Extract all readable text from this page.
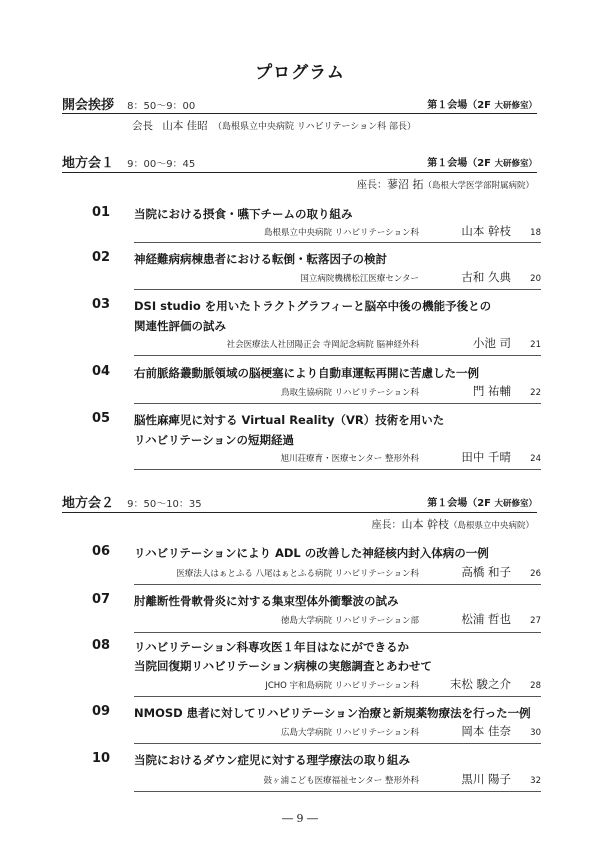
プログラム
開会挨拶 8：50〜9：00	第１会場（2F 大研修室）
会長 山本 佳昭 （島根県立中央病院 リハビリテーション科 部長）
地方会１ 9：00〜9：45	第１会場（2F 大研修室）
座長：蓼沼 拓（島根大学医学部附属病院）
01 当院における摂食・嚥下チームの取り組み
島根県立中央病院 リハビリテーション科	山本 幹枝 18
02 神経難病病棟患者における転倒・転落因子の検討
国立病院機構松江医療センター	古和 久典 20
03 DSI studio を用いたトラクトグラフィーと脳卒中後の機能予後との
関連性評価の試み
社会医療法人社団陽正会 寺岡記念病院 脳神経外科	小池 司 21
04 右前脈絡叢動脈領域の脳梗塞により自動車運転再開に苦慮した一例
鳥取生協病院 リハビリテーション科	門 祐輔 22
05 脳性麻痺児に対する Virtual Reality（VR）技術を用いた
リハビリテーションの短期経過
旭川荘療育・医療センター 整形外科	田中 千晴 24
地方会２ 9：50〜10：35	第１会場（2F 大研修室）
座長：山本 幹枝（島根県立中央病院）
06 リハビリテーションにより ADL の改善した神経核内封入体病の一例
医療法人はぁとふる 八尾はぁとふる病院 リハビリテーション科	高橋 和子 26
07 肘離断性骨軟骨炎に対する集束型体外衝撃波の試み
徳島大学病院 リハビリテーション部	松浦 哲也 27
08 リハビリテーション科専攻医１年目はなにができるか
当院回復期リハビリテーション病棟の実態調査とあわせて
JCHO 宇和島病院 リハビリテーション科	末松 駿之介 28
09 NMOSD 患者に対してリハビリテーション治療と新規薬物療法を行った一例
広島大学病院 リハビリテーション科	岡本 佳奈 30
10 当院におけるダウン症児に対する理学療法の取り組み
鼓ヶ浦こども医療福祉センター 整形外科	黒川 陽子 32
― 9 ―
